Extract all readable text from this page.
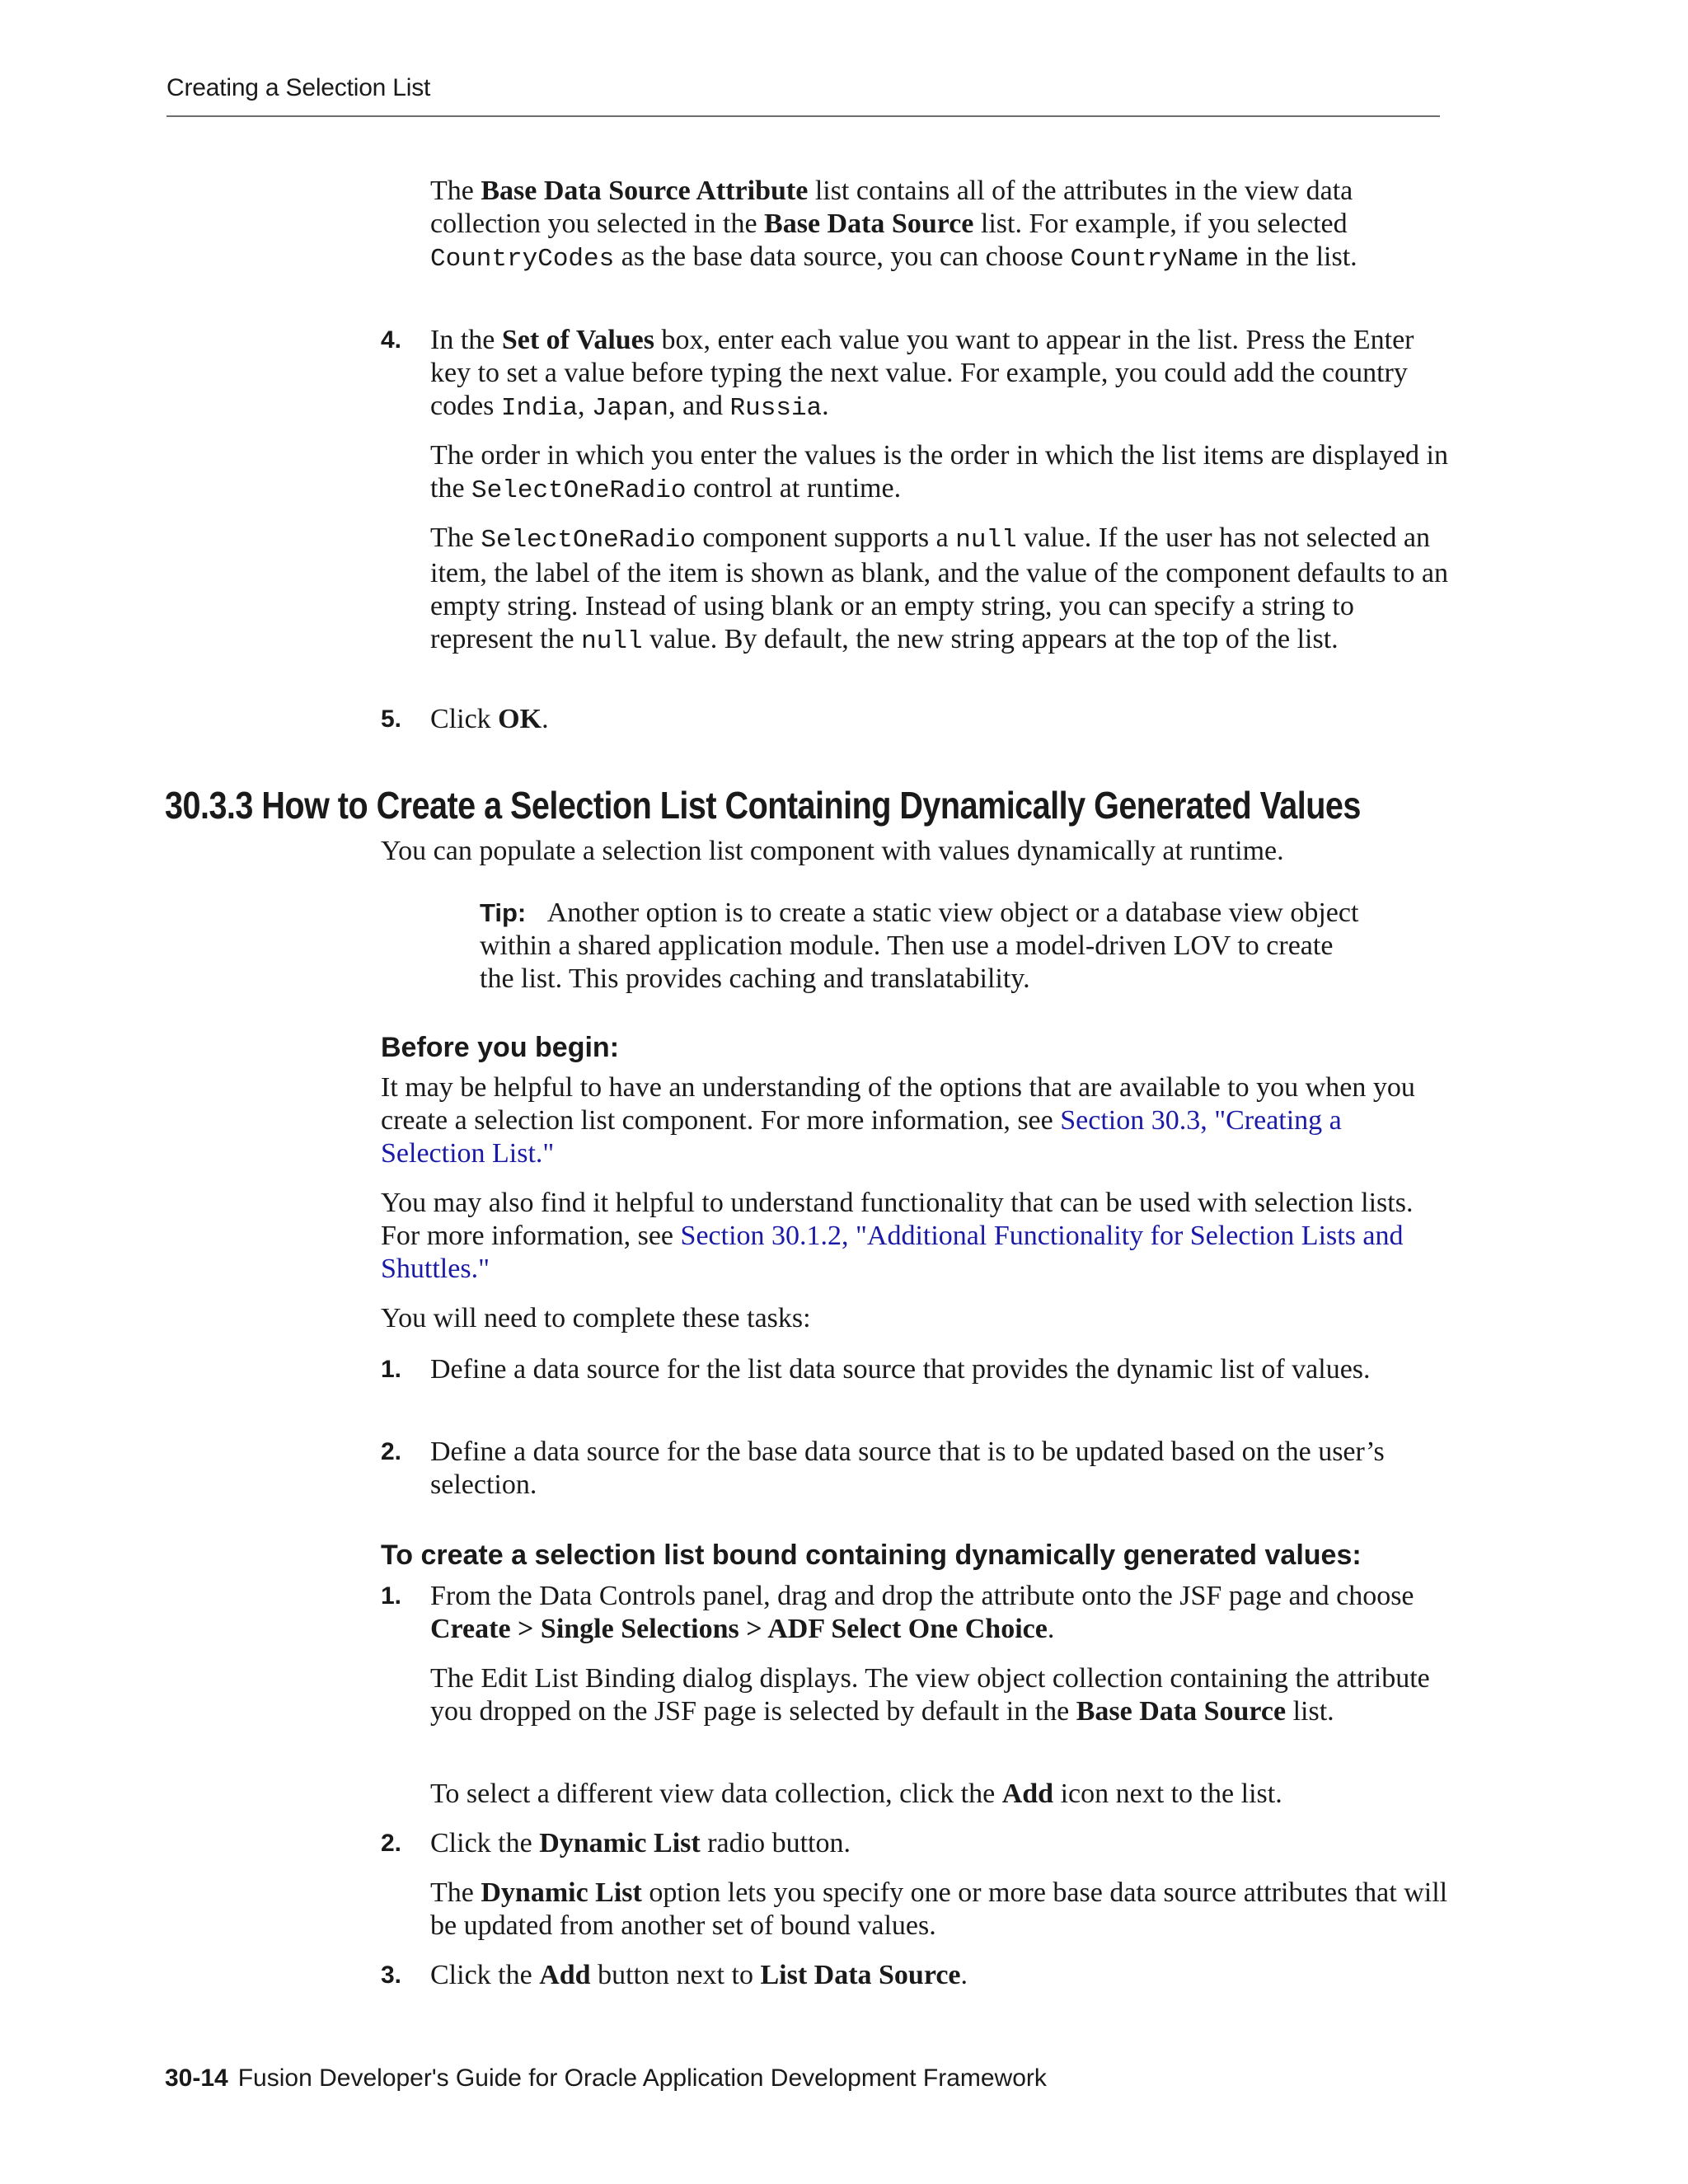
Creating a Selection List
The Base Data Source Attribute list contains all of the attributes in the view data collection you selected in the Base Data Source list. For example, if you selected CountryCodes as the base data source, you can choose CountryName in the list.
4. In the Set of Values box, enter each value you want to appear in the list. Press the Enter key to set a value before typing the next value. For example, you could add the country codes India, Japan, and Russia.
The order in which you enter the values is the order in which the list items are displayed in the SelectOneRadio control at runtime.
The SelectOneRadio component supports a null value. If the user has not selected an item, the label of the item is shown as blank, and the value of the component defaults to an empty string. Instead of using blank or an empty string, you can specify a string to represent the null value. By default, the new string appears at the top of the list.
5. Click OK.
30.3.3 How to Create a Selection List Containing Dynamically Generated Values
You can populate a selection list component with values dynamically at runtime.
Tip: Another option is to create a static view object or a database view object within a shared application module. Then use a model-driven LOV to create the list. This provides caching and translatability.
Before you begin:
It may be helpful to have an understanding of the options that are available to you when you create a selection list component. For more information, see Section 30.3, "Creating a Selection List."
You may also find it helpful to understand functionality that can be used with selection lists. For more information, see Section 30.1.2, "Additional Functionality for Selection Lists and Shuttles."
You will need to complete these tasks:
1. Define a data source for the list data source that provides the dynamic list of values.
2. Define a data source for the base data source that is to be updated based on the user’s selection.
To create a selection list bound containing dynamically generated values:
1. From the Data Controls panel, drag and drop the attribute onto the JSF page and choose Create > Single Selections > ADF Select One Choice.
The Edit List Binding dialog displays. The view object collection containing the attribute you dropped on the JSF page is selected by default in the Base Data Source list.
To select a different view data collection, click the Add icon next to the list.
2. Click the Dynamic List radio button.
The Dynamic List option lets you specify one or more base data source attributes that will be updated from another set of bound values.
3. Click the Add button next to List Data Source.
30-14 Fusion Developer's Guide for Oracle Application Development Framework
